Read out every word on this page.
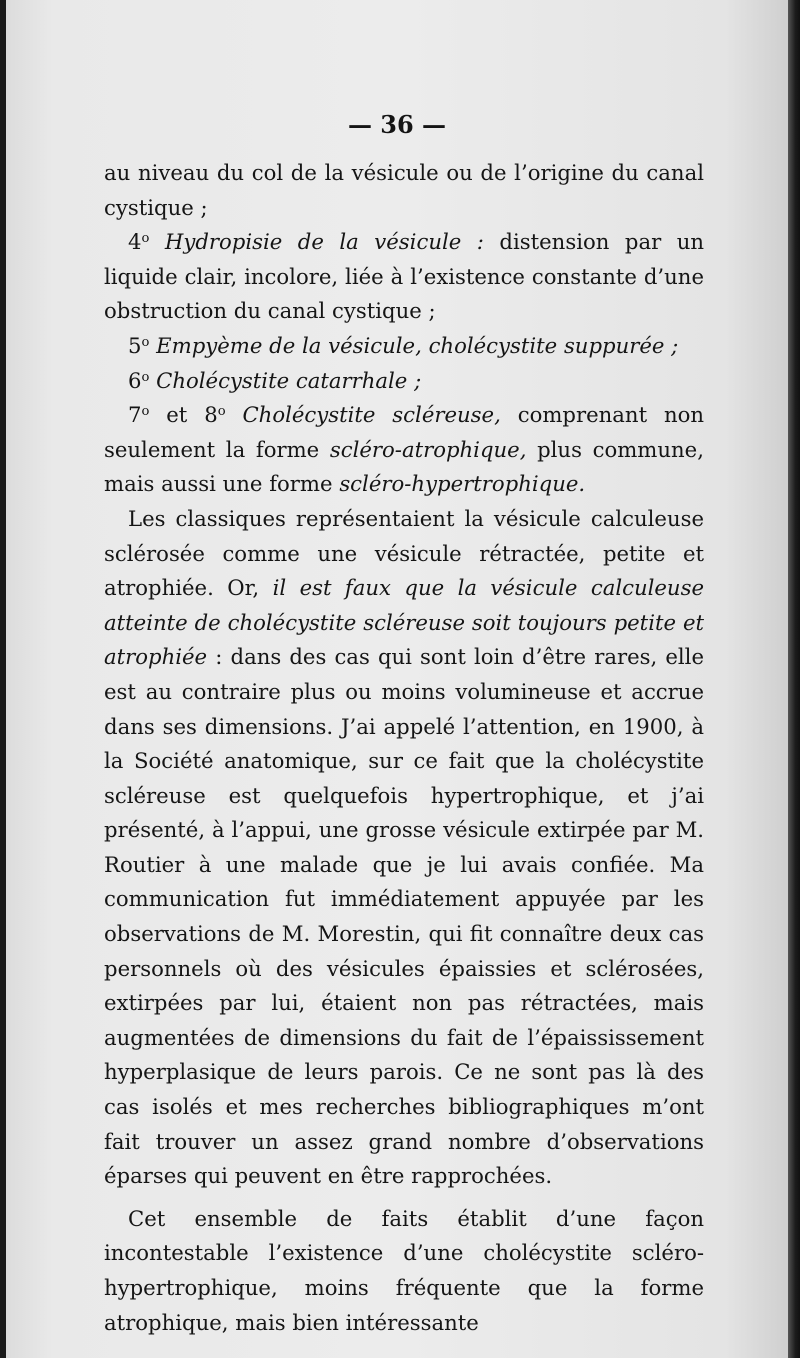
— 36 —

au niveau du col de la vésicule ou de l’origine du canal cystique ;

4$^o$ Hydropisie de la vésicule : distension par un liquide clair, incolore, liée à l’existence constante d’une obstruction du canal cystique ;

5$^o$ Empyème de la vésicule, cholécystite suppurée ;

6$^o$ Cholécystite catarrhale ;

7$^o$ et 8$^o$ Cholécystite scléreuse, comprenant non seulement la forme scléro-atrophique, plus commune, mais aussi une forme scléro-hypertrophique.

Les classiques représentaient la vésicule calculeuse sclérosée comme une vésicule rétractée, petite et atrophiée. Or, il est faux que la vésicule calculeuse atteinte de cholécystite scléreuse soit toujours petite et atrophiée : dans des cas qui sont loin d’être rares, elle est au contraire plus ou moins volumineuse et accrue dans ses dimensions. J’ai appelé l’attention, en 1900, à la Société anatomique, sur ce fait que la cholécystite scléreuse est quelquefois hypertrophique, et j’ai présenté, à l’appui, une grosse vésicule extirpée par M. Routier à une malade que je lui avais confiée. Ma communication fut immédiatement appuyée par les observations de M. Morestin, qui fit connaître deux cas personnels où des vésicules épaissies et sclérosées, extirpées par lui, étaient non pas rétractées, mais augmentées de dimensions du fait de l’épaississement hyperplasique de leurs parois. Ce ne sont pas là des cas isolés et mes recherches bibliographiques m’ont fait trouver un assez grand nombre d’observations éparses qui peuvent en être rapprochées.

Cet ensemble de faits établit d’une façon incontestable l’existence d’une cholécystite scléro-hypertrophique, moins fréquente que la forme atrophique, mais bien intéressante
